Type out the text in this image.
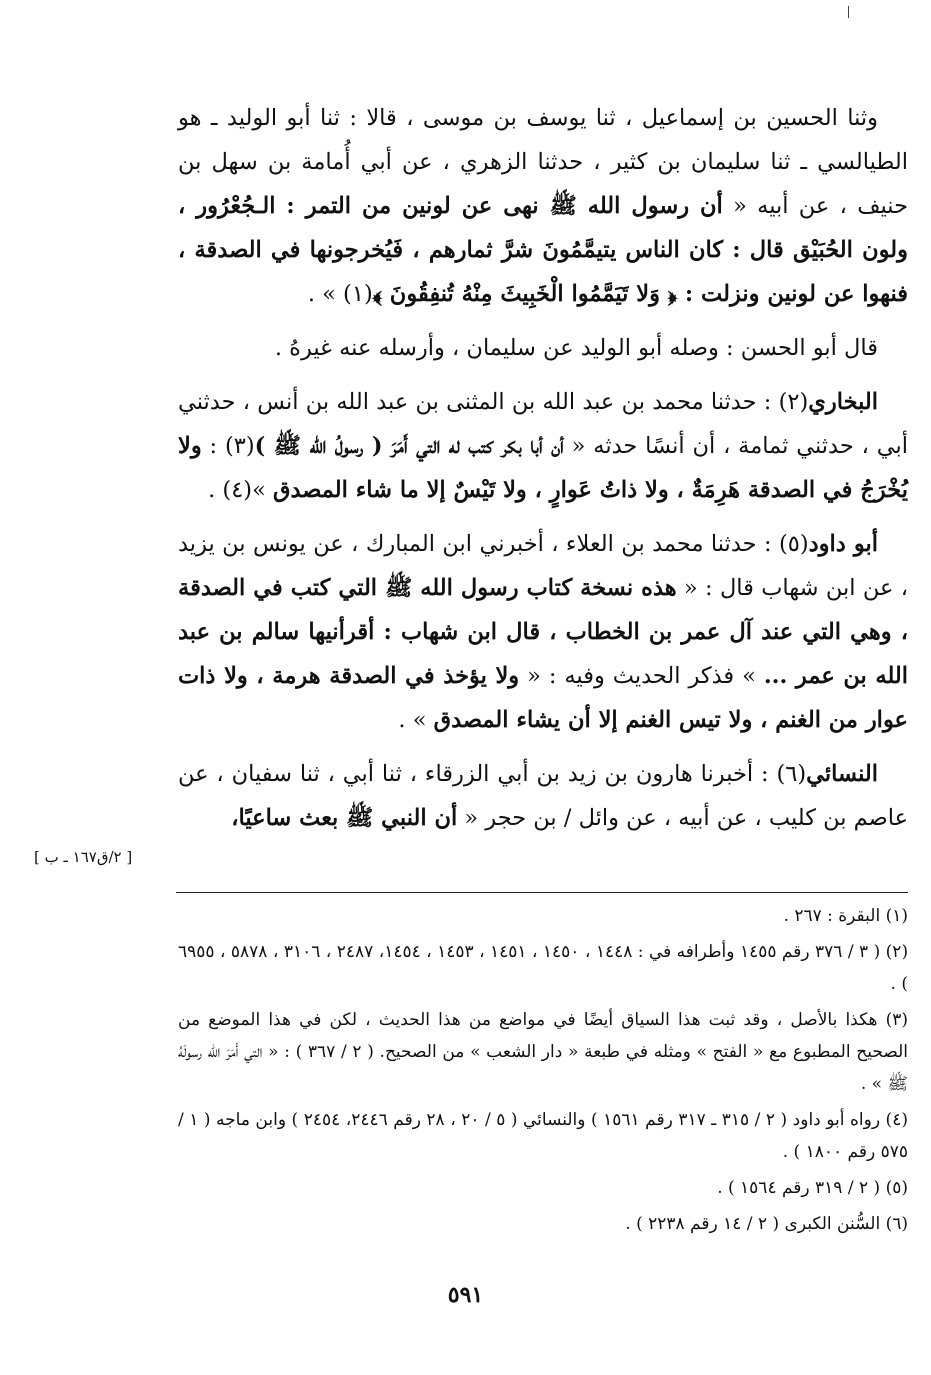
وثنا الحسين بن إسماعيل ، ثنا يوسف بن موسى ، قالا : ثنا أبو الوليد ـ هو الطيالسي ـ ثنا سليمان بن كثير ، حدثنا الزهري ، عن أبي أُمامة بن سهل بن حنيف ، عن أبيه « أن رسول الله ﷺ نهى عن لونين من التمر : الـجُعْرُور ، ولون الحُبَيْق قال : كان الناس يتيمَّمُونَ شرَّ ثمارهم ، فَيُخرجونها في الصدقة ، فنهوا عن لونين ونزلت : ﴿ وَلا تَيَمَّمُوا الْخَبِيثَ مِنْهُ تُنفِقُونَ ﴾(١) » .

قال أبو الحسن : وصله أبو الوليد عن سليمان ، وأرسله عنه غيرهُ .

البخاري(٢) : حدثنا محمد بن عبد الله بن المثنى بن عبد الله بن أنس ، حدثني أبي ، حدثني ثمامة ، أن أنسًا حدثه « أن أبا بكر كتب له التي أَمَرَ ( رسولُ الله ﷺ )(٣) : ولا يُخْرَجُ في الصدقة هَرِمَةٌ ، ولا ذاتُ عَوارٍ ، ولا تَيْسٌ إلا ما شاء المصدق »(٤) .

أبو داود(٥) : حدثنا محمد بن العلاء ، أخبرني ابن المبارك ، عن يونس بن يزيد ، عن ابن شهاب قال : « هذه نسخة كتاب رسول الله ﷺ التي كتب في الصدقة ، وهي التي عند آل عمر بن الخطاب ، قال ابن شهاب : أقرأنيها سالم بن عبد الله بن عمر ... » فذكر الحديث وفيه : « ولا يؤخذ في الصدقة هرمة ، ولا ذات عوار من الغنم ، ولا تيس الغنم إلا أن يشاء المصدق » .

النسائي(٦) : أخبرنا هارون بن زيد بن أبي الزرقاء ، ثنا أبي ، ثنا سفيان ، عن عاصم بن كليب ، عن أبيه ، عن وائل / بن حجر « أن النبي ﷺ بعث ساعيًا،

[ ٢/ق١٦٧ ـ ب ]

(١) البقرة : ٢٦٧ .

(٢) ( ٣ / ٣٧٦ رقم ١٤٥٥ وأطرافه في : ١٤٤٨ ، ١٤٥٠ ، ١٤٥١ ، ١٤٥٣ ، ١٤٥٤، ٢٤٨٧ ، ٣١٠٦ ، ٥٨٧٨ ، ٦٩٥٥ ) .

(٣) هكذا بالأصل ، وقد ثبت هذا السياق أيضًا في مواضع من هذا الحديث ، لكن في هذا الموضع من الصحيح المطبوع مع « الفتح » ومثله في طبعة « دار الشعب » من الصحيح. ( ٢ / ٣٦٧ ) : « التي أَمَرَ الله رسولَهُ ﷺ » .

(٤) رواه أبو داود ( ٢ / ٣١٥ ـ ٣١٧ رقم ١٥٦١ ) والنسائي ( ٥ / ٢٠ ، ٢٨ رقم ٢٤٤٦، ٢٤٥٤ ) وابن ماجه ( ١ / ٥٧٥ رقم ١٨٠٠ ) .

(٥) ( ٢ / ٣١٩ رقم ١٥٦٤ ) .

(٦) السُّنن الكبرى ( ٢ / ١٤ رقم ٢٢٣٨ ) .

٥٩١
